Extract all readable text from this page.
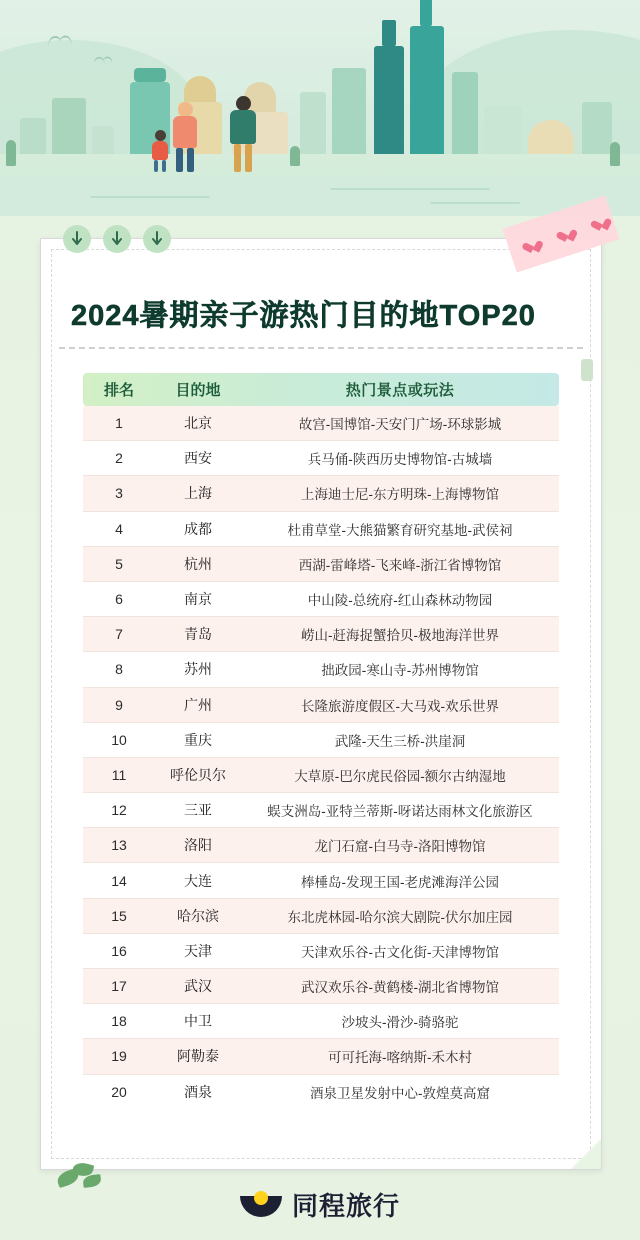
2024暑期亲子游热门目的地TOP20
排名	目的地	热门景点或玩法
1	北京	故宫-国博馆-天安门广场-环球影城
2	西安	兵马俑-陕西历史博物馆-古城墙
3	上海	上海迪士尼-东方明珠-上海博物馆
4	成都	杜甫草堂-大熊猫繁育研究基地-武侯祠
5	杭州	西湖-雷峰塔-飞来峰-浙江省博物馆
6	南京	中山陵-总统府-红山森林动物园
7	青岛	崂山-赶海捉蟹拾贝-极地海洋世界
8	苏州	拙政园-寒山寺-苏州博物馆
9	广州	长隆旅游度假区-大马戏-欢乐世界
10	重庆	武隆-天生三桥-洪崖洞
11	呼伦贝尔	大草原-巴尔虎民俗园-额尔古纳湿地
12	三亚	蜈支洲岛-亚特兰蒂斯-呀诺达雨林文化旅游区
13	洛阳	龙门石窟-白马寺-洛阳博物馆
14	大连	棒棰岛-发现王国-老虎滩海洋公园
15	哈尔滨	东北虎林园-哈尔滨大剧院-伏尔加庄园
16	天津	天津欢乐谷-古文化街-天津博物馆
17	武汉	武汉欢乐谷-黄鹤楼-湖北省博物馆
18	中卫	沙坡头-滑沙-骑骆驼
19	阿勒泰	可可托海-喀纳斯-禾木村
20	酒泉	酒泉卫星发射中心-敦煌莫高窟
同程旅行
